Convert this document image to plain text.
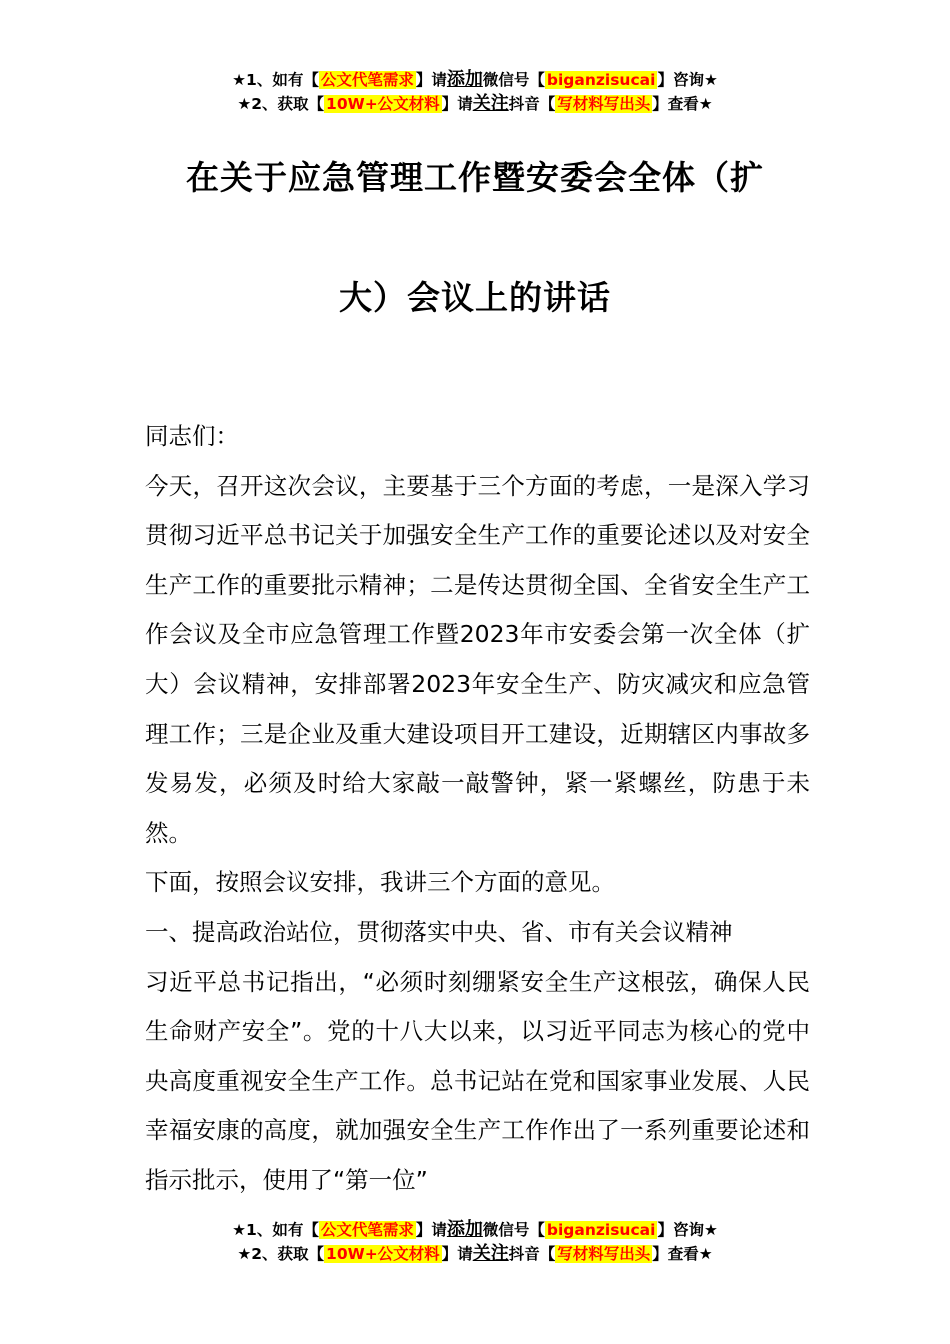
★1、如有【 公文代笔需求 】请添加微信号【 biganzisucai 】咨询★
★2、获取【 10W+公文材料 】请关注抖音【 写材料写出头 】查看★
在关于应急管理工作暨安委会全体（扩
大）会议上的讲话

同志们：

今天，召开这次会议，主要基于三个方面的考虑，一是深入学习贯彻习近平总书记关于加强安全生产工作的重要论述以及对安全生产工作的重要批示精神；二是传达贯彻全国、全省安全生产工作会议及全市应急管理工作暨2023年市安委会第一次全体（扩大）会议精神，安排部署2023年安全生产、防灾减灾和应急管理工作；三是企业及重大建设项目开工建设，近期辖区内事故多发易发，必须及时给大家敲一敲警钟，紧一紧螺丝，防患于未然。

下面，按照会议安排，我讲三个方面的意见。

一、提高政治站位，贯彻落实中央、省、市有关会议精神

习近平总书记指出，“必须时刻绷紧安全生产这根弦，确保人民生命财产安全”。党的十八大以来，以习近平同志为核心的党中央高度重视安全生产工作。总书记站在党和国家事业发展、人民幸福安康的高度，就加强安全生产工作作出了一系列重要论述和指示批示，使用了“第一位”

★1、如有【 公文代笔需求 】请添加微信号【 biganzisucai 】咨询★
★2、获取【 10W+公文材料 】请关注抖音【 写材料写出头 】查看★
